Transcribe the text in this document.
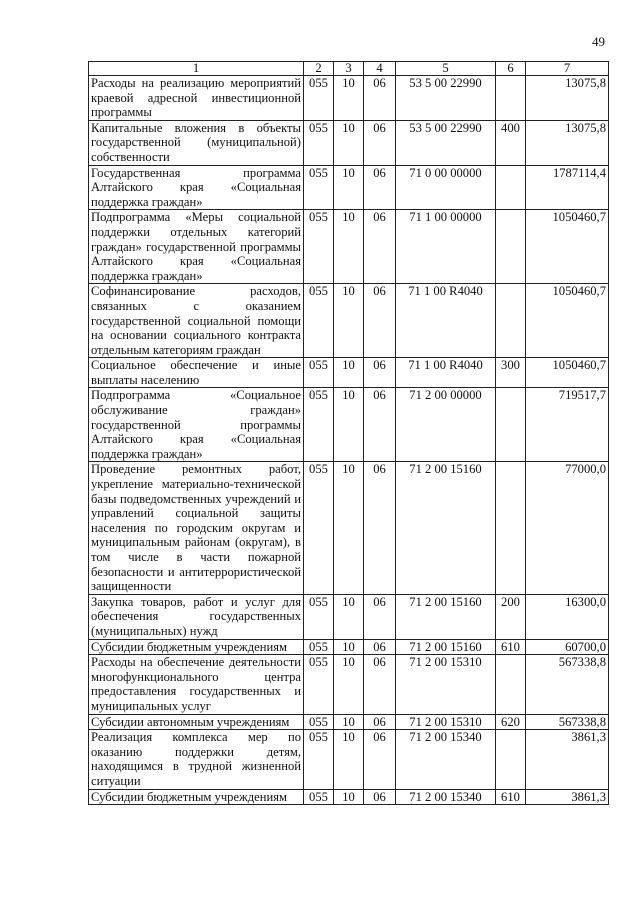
49
1	2	3	4	5	6	7
Расходы на реализацию мероприятий краевой адресной инвестиционной программы	055	10	06	53 5 00 22990		13075,8
Капитальные вложения в объекты государственной (муниципальной) собственности	055	10	06	53 5 00 22990	400	13075,8
Государственная программа Алтайского края «Социальная поддержка граждан»	055	10	06	71 0 00 00000		1787114,4
Подпрограмма «Меры социальной поддержки отдельных категорий граждан» государственной программы Алтайского края «Социальная поддержка граждан»	055	10	06	71 1 00 00000		1050460,7
Софинансирование расходов, связанных с оказанием государственной социальной помощи на основании социального контракта отдельным категориям граждан	055	10	06	71 1 00 R4040		1050460,7
Социальное обеспечение и иные выплаты населению	055	10	06	71 1 00 R4040	300	1050460,7
Подпрограмма «Социальное обслуживание граждан» государственной программы Алтайского края «Социальная поддержка граждан»	055	10	06	71 2 00 00000		719517,7
Проведение ремонтных работ, укрепление материально-технической базы подведомственных учреждений и управлений социальной защиты населения по городским округам и муниципальным районам (округам), в том числе в части пожарной безопасности и антитеррористической защищенности	055	10	06	71 2 00 15160		77000,0
Закупка товаров, работ и услуг для обеспечения государственных (муниципальных) нужд	055	10	06	71 2 00 15160	200	16300,0
Субсидии бюджетным учреждениям	055	10	06	71 2 00 15160	610	60700,0
Расходы на обеспечение деятельности многофункционального центра предоставления государственных и муниципальных услуг	055	10	06	71 2 00 15310		567338,8
Субсидии автономным учреждениям	055	10	06	71 2 00 15310	620	567338,8
Реализация комплекса мер по оказанию поддержки детям, находящимся в трудной жизненной ситуации	055	10	06	71 2 00 15340		3861,3
Субсидии бюджетным учреждениям	055	10	06	71 2 00 15340	610	3861,3
